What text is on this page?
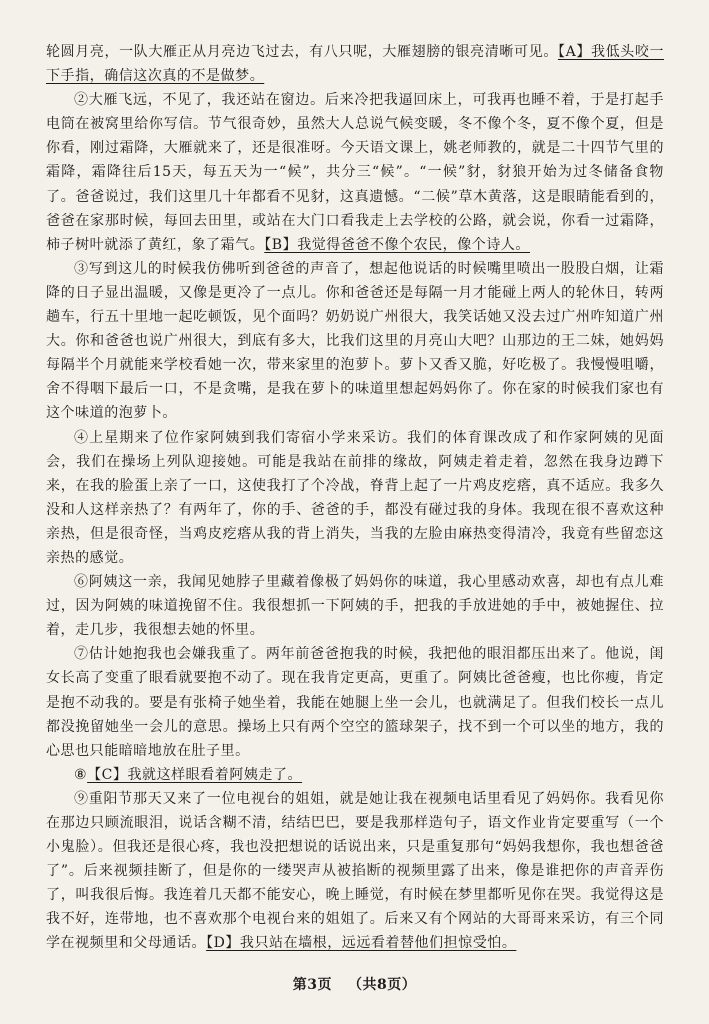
轮圆月亮，一队大雁正从月亮边飞过去，有八只呢，大雁翅膀的银亮清晰可见。【A】我低头咬一下手指，确信这次真的不是做梦。

②大雁飞远，不见了，我还站在窗边。后来冷把我逼回床上，可我再也睡不着，于是打起手电筒在被窝里给你写信。节气很奇妙，虽然大人总说气候变暖，冬不像个冬，夏不像个夏，但是你看，刚过霜降，大雁就来了，还是很准呀。今天语文课上，姚老师教的，就是二十四节气里的霜降，霜降往后15天，每五天为一“候”，共分三“候”。“一候”豺，豺狼开始为过冬储备食物了。爸爸说过，我们这里几十年都看不见豺，这真遗憾。“二候”草木黄落，这是眼睛能看到的，爸爸在家那时候，每回去田里，或站在大门口看我走上去学校的公路，就会说，你看一过霜降，柿子树叶就添了黄红，象了霜气。【B】我觉得爸爸不像个农民，像个诗人。

③写到这儿的时候我仿佛听到爸爸的声音了，想起他说话的时候嘴里喷出一股股白烟，让霜降的日子显出温暖，又像是更冷了一点儿。你和爸爸还是每隔一月才能碰上两人的轮休日，转两趟车，行五十里地一起吃顿饭，见个面吗？奶奶说广州很大，我笑话她又没去过广州咋知道广州大。你和爸爸也说广州很大，到底有多大，比我们这里的月亮山大吧？山那边的王二妹，她妈妈每隔半个月就能来学校看她一次，带来家里的泡萝卜。萝卜又香又脆，好吃极了。我慢慢咀嚼，舍不得咽下最后一口，不是贪嘴，是我在萝卜的味道里想起妈妈你了。你在家的时候我们家也有这个味道的泡萝卜。

④上星期来了位作家阿姨到我们寄宿小学来采访。我们的体育课改成了和作家阿姨的见面会，我们在操场上列队迎接她。可能是我站在前排的缘故，阿姨走着走着，忽然在我身边蹲下来，在我的脸蛋上亲了一口，这使我打了个冷战，脊背上起了一片鸡皮疙瘩，真不适应。我多久没和人这样亲热了？有两年了，你的手、爸爸的手，都没有碰过我的身体。我现在很不喜欢这种亲热，但是很奇怪，当鸡皮疙瘩从我的背上消失，当我的左脸由麻热变得清冷，我竟有些留恋这亲热的感觉。

⑥阿姨这一亲，我闻见她脖子里藏着像极了妈妈你的味道，我心里感动欢喜，却也有点儿难过，因为阿姨的味道挽留不住。我很想抓一下阿姨的手，把我的手放进她的手中，被她握住、拉着，走几步，我很想去她的怀里。

⑦估计她抱我也会嫌我重了。两年前爸爸抱我的时候，我把他的眼泪都压出来了。他说，闺女长高了变重了眼看就要抱不动了。现在我肯定更高，更重了。阿姨比爸爸瘦，也比你瘦，肯定是抱不动我的。要是有张椅子她坐着，我能在她腿上坐一会儿，也就满足了。但我们校长一点儿都没挽留她坐一会儿的意思。操场上只有两个空空的篮球架子，找不到一个可以坐的地方，我的心思也只能暗暗地放在肚子里。

⑧【C】我就这样眼看着阿姨走了。

⑨重阳节那天又来了一位电视台的姐姐，就是她让我在视频电话里看见了妈妈你。我看见你在那边只顾流眼泪，说话含糊不清，结结巴巴，要是我那样造句子，语文作业肯定要重写（一个小鬼脸）。但我还是很心疼，我也没把想说的话说出来，只是重复那句“妈妈我想你，我也想爸爸了”。后来视频挂断了，但是你的一缕哭声从被掐断的视频里露了出来，像是谁把你的声音弄伤了，叫我很后悔。我连着几天都不能安心，晚上睡觉，有时候在梦里都听见你在哭。我觉得这是我不好，连带地，也不喜欢那个电视台来的姐姐了。后来又有个网站的大哥哥来采访，有三个同学在视频里和父母通话。【D】我只站在墙根，远远看着替他们担惊受怕。

第3页 （共8页）
